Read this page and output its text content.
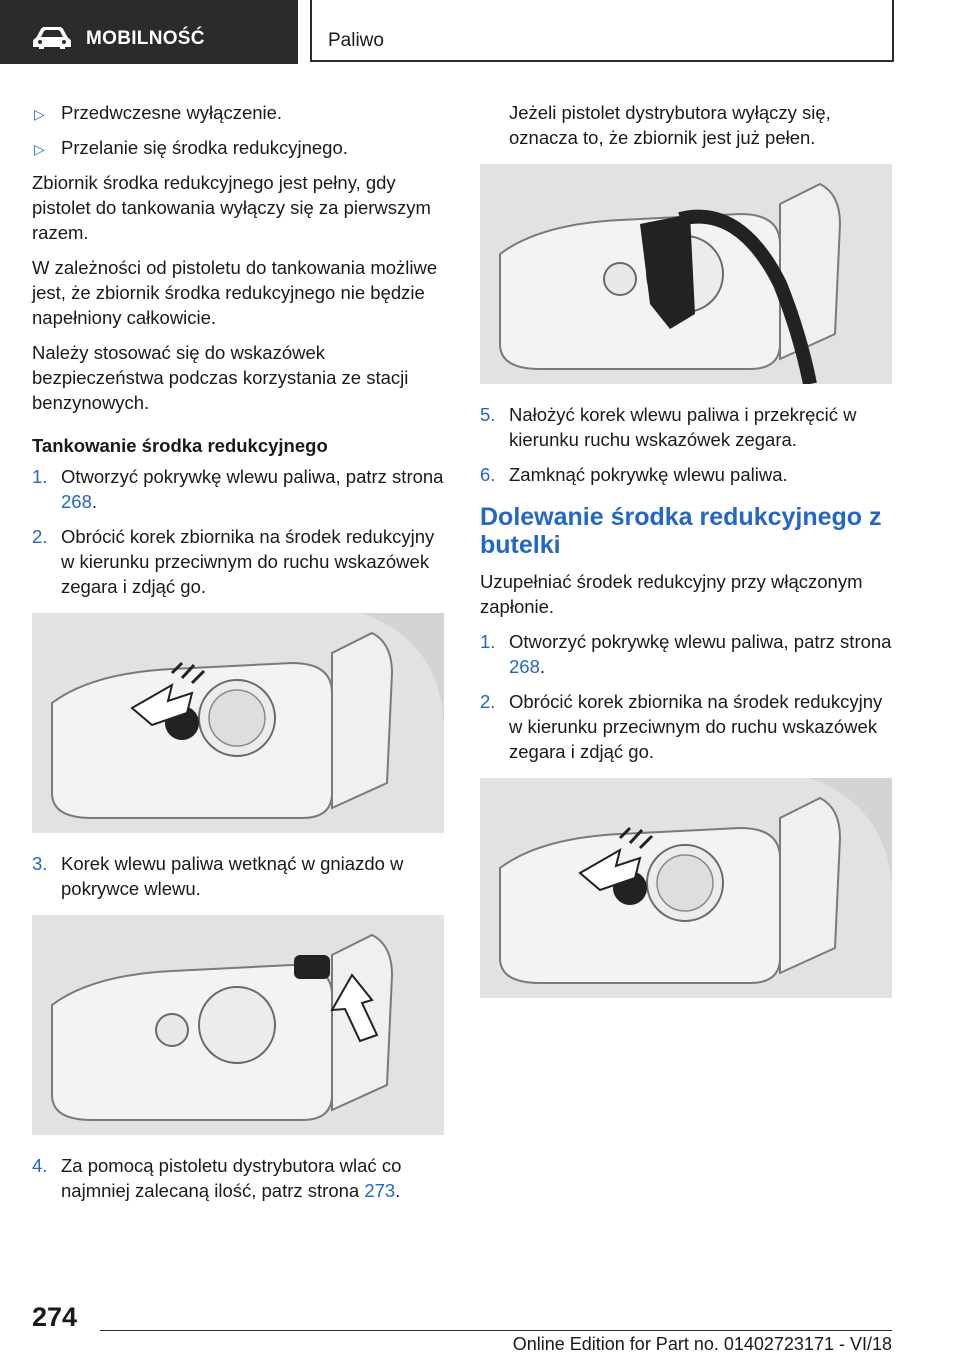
MOBILNOŚĆ	Paliwo
▷ Przedwczesne wyłączenie.
▷ Przelanie się środka redukcyjnego.

Zbiornik środka redukcyjnego jest pełny, gdy pistolet do tankowania wyłączy się za pierwszym razem.

W zależności od pistoletu do tankowania możliwe jest, że zbiornik środka redukcyjnego nie będzie napełniony całkowicie.

Należy stosować się do wskazówek bezpieczeństwa podczas korzystania ze stacji benzynowych.

Tankowanie środka redukcyjnego
1. Otworzyć pokrywkę wlewu paliwa, patrz strona 268.
2. Obrócić korek zbiornika na środek redukcyjny w kierunku przeciwnym do ruchu wskazówek zegara i zdjąć go.
3. Korek wlewu paliwa wetknąć w gniazdo w pokrywce wlewu.
4. Za pomocą pistoletu dystrybutora wlać co najmniej zalecaną ilość, patrz strona 273.

Jeżeli pistolet dystrybutora wyłączy się, oznacza to, że zbiornik jest już pełen.

5. Nałożyć korek wlewu paliwa i przekręcić w kierunku ruchu wskazówek zegara.
6. Zamknąć pokrywkę wlewu paliwa.
Dolewanie środka redukcyjnego z butelki

Uzupełniać środek redukcyjny przy włączonym zapłonie.

1. Otworzyć pokrywkę wlewu paliwa, patrz strona 268.
2. Obrócić korek zbiornika na środek redukcyjny w kierunku przeciwnym do ruchu wskazówek zegara i zdjąć go.
274
Online Edition for Part no. 01402723171 - VI/18
